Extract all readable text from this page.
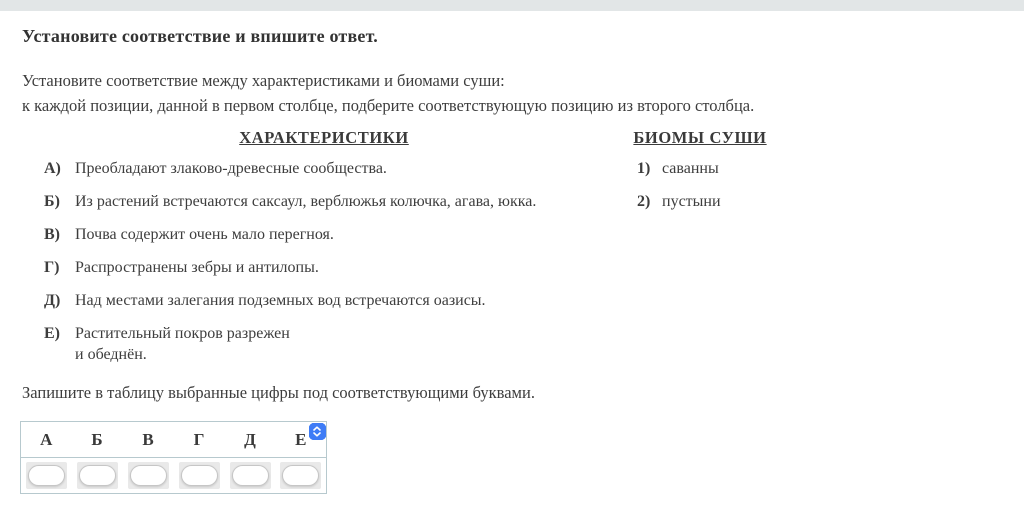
Установите соответствие и впишите ответ.
Установите соответствие между характеристиками и биомами суши:
к каждой позиции, данной в первом столбце, подберите соответствующую позицию из второго столбца.
ХАРАКТЕРИСТИКИ	БИОМЫ СУШИ
А) Преобладают злаково-древесные сообщества.
Б) Из растений встречаются саксаул, верблюжья колючка, агава, юкка.
В) Почва содержит очень мало перегноя.
Г) Распространены зебры и антилопы.
Д) Над местами залегания подземных вод встречаются оазисы.
Е) Растительный покров разрежен
и обеднён.
1) саванны
2) пустыни
Запишите в таблицу выбранные цифры под соответствующими буквами.
А	Б	В	Г	Д	Е
